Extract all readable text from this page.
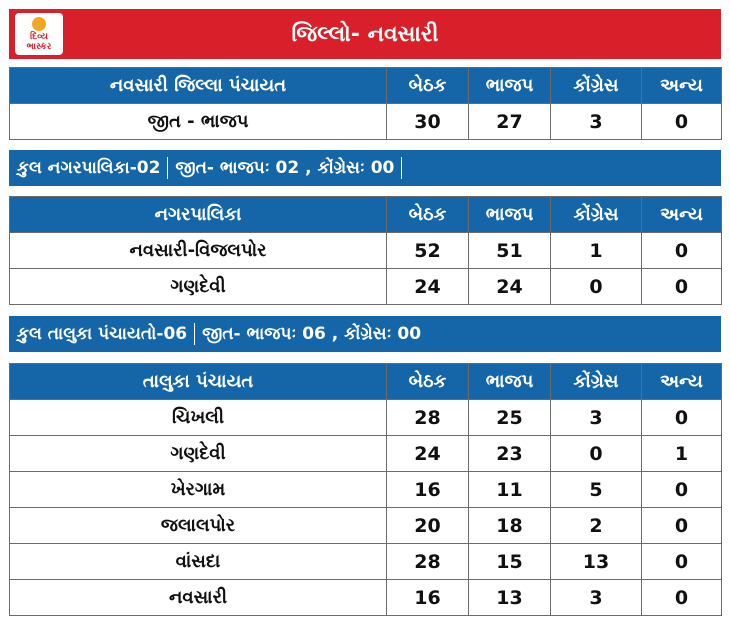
દિવ્ય
ભાસ્કર	જિલ્લો- નવસારી
નવસારી જિલ્લા પંચાયત	બેઠક	ભાજપ	કોંગ્રેસ	અન્ય
જીત - ભાજપ	30	27	3	0
કુલ નગરપાલિકા-02 જીત- ભાજપઃ 02 , કોંગ્રેસઃ 00
નગરપાલિકા	બેઠક	ભાજપ	કોંગ્રેસ	અન્ય
નવસારી-વિજલપોર	52	51	1	0
ગણદેવી	24	24	0	0
કુલ તાલુકા પંચાયતો-06 જીત- ભાજપઃ 06 , કોંગ્રેસઃ 00
તાલુકા પંચાયત	બેઠક	ભાજપ	કોંગ્રેસ	અન્ય
ચિખલી	28	25	3	0
ગણદેવી	24	23	0	1
ખેરગામ	16	11	5	0
જલાલપોર	20	18	2	0
વાંસદા	28	15	13	0
નવસારી	16	13	3	0
